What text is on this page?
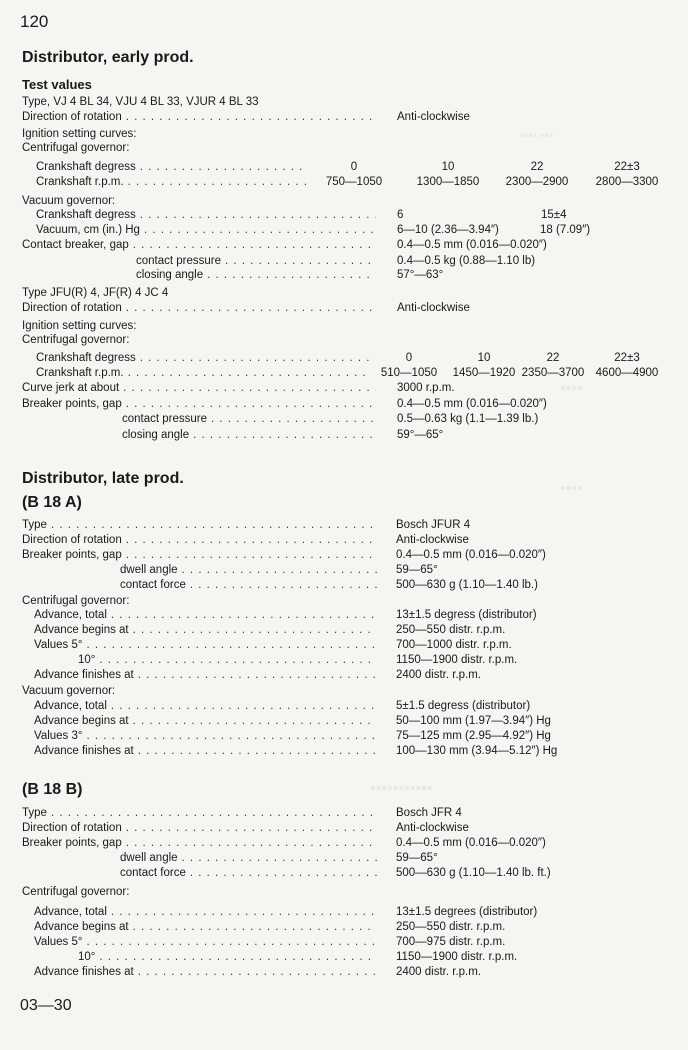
▪▪▪▪ ▪▪▪
▪▪▪▪
▪▪▪▪
▪▪▪▪▪▪▪▪▪▪▪
120
Distributor, early prod.
Test values
Type, VJ 4 BL 34, VJU 4 BL 33, VJUR 4 BL 33
Direction of rotation . . .	Anti-clockwise
Ignition setting curves:
Centrifugal governor:
Crankshaft degress . . .	0	10	22	22±3
Crankshaft r.p.m. . . .	750—1050	1300—1850	2300—2900	2800—3300
Vacuum governor:
Crankshaft degress . . .	6	15±4
Vacuum, cm (in.) Hg . . .	6—10 (2.36—3.94″)	18 (7.09″)
Contact breaker, gap . . .	0.4—0.5 mm (0.016—0.020″)
contact pressure . . .	0.4—0.5 kg (0.88—1.10 lb)
closing angle . . .	57°—63°
Type JFU(R) 4, JF(R) 4 JC 4
Direction of rotation . . .	Anti-clockwise
Ignition setting curves:
Centrifugal governor:
Crankshaft degress . . .	0	10	22	22±3
Crankshaft r.p.m. . . .	510—1050	1450—1920 2350—3700 4600—4900
Curve jerk at about . . .	3000 r.p.m.
Breaker points, gap . . .	0.4—0.5 mm (0.016—0.020″)
contact pressure . . .	0.5—0.63 kg (1.1—1.39 lb.)
closing angle . . .	59°—65°
Distributor, late prod.
(B 18 A)
Type . . .	Bosch JFUR 4
Direction of rotation . . .	Anti-clockwise
Breaker points, gap . . .	0.4—0.5 mm (0.016—0.020″)
dwell angle . . .	59—65°
contact force . . .	500—630 g (1.10—1.40 lb.)
Centrifugal governor:
Advance, total . . .	13±1.5 degress (distributor)
Advance begins at . . .	250—550 distr. r.p.m.
Values 5° . . .	700—1000 distr. r.p.m.
10° . . .	1150—1900 distr. r.p.m.
Advance finishes at . . .	2400 distr. r.p.m.
Vacuum governor:
Advance, total . . .	5±1.5 degress (distributor)
Advance begins at . . .	50—100 mm (1.97—3.94″) Hg
Values 3° . . .	75—125 mm (2.95—4.92″) Hg
Advance finishes at . . .	100—130 mm (3.94—5.12″) Hg
(B 18 B)
Type . . .	Bosch JFR 4
Direction of rotation . . .	Anti-clockwise
Breaker points, gap . . .	0.4—0.5 mm (0.016—0.020″)
dwell angle . . .	59—65°
contact force . . .	500—630 g (1.10—1.40 lb. ft.)
Centrifugal governor:
Advance, total . . .	13±1.5 degrees (distributor)
Advance begins at . . .	250—550 distr. r.p.m.
Values 5° . . .	700—975 distr. r.p.m.
10° . . .	1150—1900 distr. r.p.m.
Advance finishes at . . .	2400 distr. r.p.m.
03—30
